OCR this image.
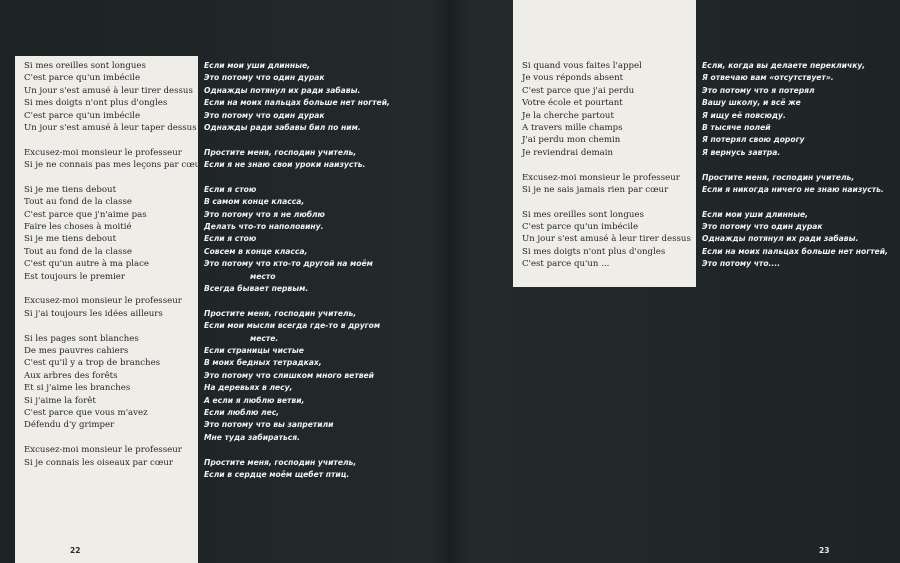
Si mes oreilles sont longues
C'est parce qu'un imbécile
Un jour s'est amusé à leur tirer dessus
Si mes doigts n'ont plus d'ongles
C'est parce qu'un imbécile
Un jour s'est amusé à leur taper dessus
Excusez-moi monsieur le professeur
Si je ne connais pas mes leçons par cœur
Si je me tiens debout
Tout au fond de la classe
C'est parce que j'n'aime pas
Faire les choses à moitié
Si je me tiens debout
Tout au fond de la classe
C'est qu'un autre à ma place
Est toujours le premier
Excusez-moi monsieur le professeur
Si j'ai toujours les idées ailleurs
Si les pages sont blanches
De mes pauvres cahiers
C'est qu'il y a trop de branches
Aux arbres des forêts
Et si j'aime les branches
Si j'aime la forêt
C'est parce que vous m'avez
Défendu d'y grimper
Excusez-moi monsieur le professeur
Si je connais les oiseaux par cœur
Если мои уши длинные,
Это потому что один дурак
Однажды потянул их ради забавы.
Если на моих пальцах больше нет ногтей,
Это потому что один дурак
Однажды ради забавы бил по ним.
Простите меня, господин учитель,
Если я не знаю свои уроки наизусть.
Если я стою
В самом конце класса,
Это потому что я не люблю
Делать что-то наполовину.
Если я стою
Совсем в конце класса,
Это потому что кто-то другой на моём
место
Всегда бывает первым.
Простите меня, господин учитель,
Если мои мысли всегда где-то в другом
месте.
Если страницы чистые
В моих бедных тетрадках,
Это потому что слишком много ветвей
На деревьях в лесу,
А если я люблю ветви,
Если люблю лес,
Это потому что вы запретили
Мне туда забираться.
Простите меня, господин учитель,
Если в сердце моём щебет птиц.
Si quand vous faites l'appel
Je vous réponds absent
C'est parce que j'ai perdu
Votre école et pourtant
Je la cherche partout
A travers mille champs
J'ai perdu mon chemin
Je reviendrai demain
Excusez-moi monsieur le professeur
Si je ne sais jamais rien par cœur
Si mes oreilles sont longues
C'est parce qu'un imbécile
Un jour s'est amusé à leur tirer dessus
Si mes doigts n'ont plus d'ongles
C'est parce qu'un ...
Если, когда вы делаете перекличку,
Я отвечаю вам «отсутствует».
Это потому что я потерял
Вашу школу, и всё же
Я ищу её повсюду.
В тысяче полей
Я потерял свою дорогу
Я вернусь завтра.
Простите меня, господин учитель,
Если я никогда ничего не знаю наизусть.
Если мои уши длинные,
Это потому что один дурак
Однажды потянул их ради забавы.
Если на моих пальцах больше нет ногтей,
Это потому что....
22	23
